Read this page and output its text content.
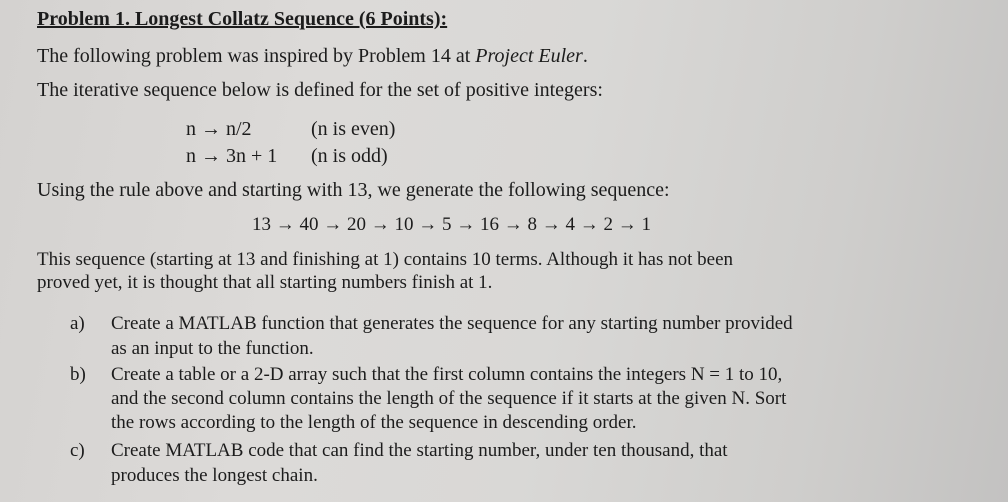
Problem 1. Longest Collatz Sequence (6 Points):
The following problem was inspired by Problem 14 at Project Euler.
The iterative sequence below is defined for the set of positive integers:
n → n/2	(n is even)
n → 3n + 1 (n is odd)
Using the rule above and starting with 13, we generate the following sequence:
13 → 40 → 20 → 10 → 5 → 16 → 8 → 4 → 2 → 1
This sequence (starting at 13 and finishing at 1) contains 10 terms. Although it has not been
proved yet, it is thought that all starting numbers finish at 1.
a) Create a MATLAB function that generates the sequence for any starting number provided
as an input to the function.
b) Create a table or a 2-D array such that the first column contains the integers N = 1 to 10,
and the second column contains the length of the sequence if it starts at the given N. Sort
the rows according to the length of the sequence in descending order.
c) Create MATLAB code that can find the starting number, under ten thousand, that
produces the longest chain.
